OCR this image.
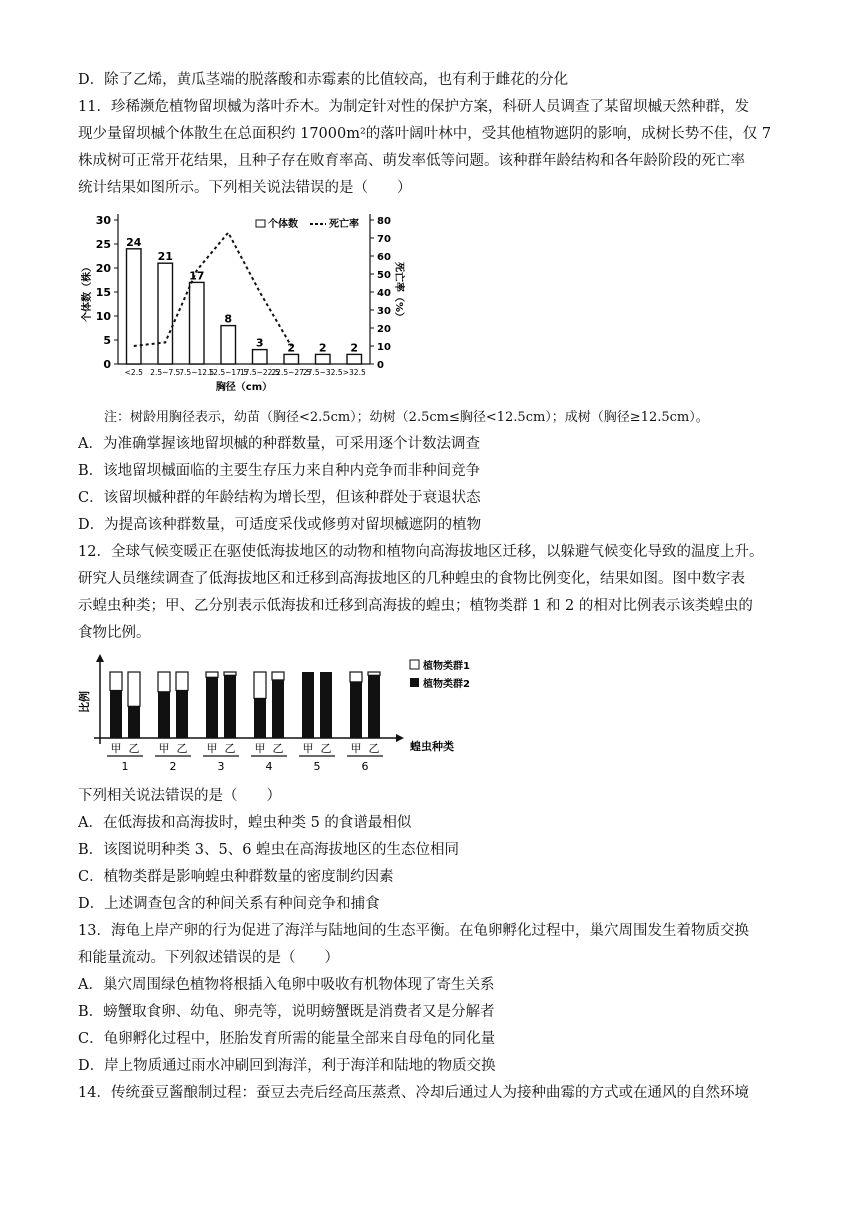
D．除了乙烯，黄瓜茎端的脱落酸和赤霉素的比值较高，也有利于雌花的分化
11．珍稀濒危植物留坝槭为落叶乔木。为制定针对性的保护方案，科研人员调查了某留坝槭天然种群，发
现少量留坝槭个体散生在总面积约 17000m²的落叶阔叶林中，受其他植物遮阴的影响，成树长势不佳，仅 7
株成树可正常开花结果，且种子存在败育率高、萌发率低等问题。该种群年龄结构和各年龄阶段的死亡率
统计结果如图所示。下列相关说法错误的是（　　）
0
5
10
15
20
25
30
0
10
20
30
40
50
60
70
80
24
21
17
8
3 2 2 2
<2.5 2.5~7.5
7.5~12.5
12.5~17.5
17.5~22.5
22.5~27.5
27.5~32.5 >32.5
胸径（cm）
个体数（株）	死亡率（%）
个体数	死亡率
注：树龄用胸径表示，幼苗（胸径<2.5cm）；幼树（2.5cm≤胸径<12.5cm）；成树（胸径≥12.5cm）。
A．为准确掌握该地留坝槭的种群数量，可采用逐个计数法调查
B．该地留坝槭面临的主要生存压力来自种内竞争而非种间竞争
C．该留坝槭种群的年龄结构为增长型，但该种群处于衰退状态
D．为提高该种群数量，可适度采伐或修剪对留坝槭遮阴的植物
12．全球气候变暖正在驱使低海拔地区的动物和植物向高海拔地区迁移，以躲避气候变化导致的温度上升。
研究人员继续调查了低海拔地区和迁移到高海拔地区的几种蝗虫的食物比例变化，结果如图。图中数字表
示蝗虫种类；甲、乙分别表示低海拔和迁移到高海拔的蝗虫；植物类群 1 和 2 的相对比例表示该类蝗虫的
食物比例。
比例
甲 乙
1
甲 乙
2
甲 乙
3
甲 乙
4
甲 乙
5
甲 乙
6
蝗虫种类
植物类群1
植物类群2
下列相关说法错误的是（　　）
A．在低海拔和高海拔时，蝗虫种类 5 的食谱最相似
B．该图说明种类 3、5、6 蝗虫在高海拔地区的生态位相同
C．植物类群是影响蝗虫种群数量的密度制约因素
D．上述调查包含的种间关系有种间竞争和捕食
13．海龟上岸产卵的行为促进了海洋与陆地间的生态平衡。在龟卵孵化过程中，巢穴周围发生着物质交换
和能量流动。下列叙述错误的是（　　）
A．巢穴周围绿色植物将根插入龟卵中吸收有机物体现了寄生关系
B．螃蟹取食卵、幼龟、卵壳等，说明螃蟹既是消费者又是分解者
C．龟卵孵化过程中，胚胎发育所需的能量全部来自母龟的同化量
D．岸上物质通过雨水冲刷回到海洋，利于海洋和陆地的物质交换
14．传统蚕豆酱酿制过程：蚕豆去壳后经高压蒸煮、冷却后通过人为接种曲霉的方式或在通风的自然环境
